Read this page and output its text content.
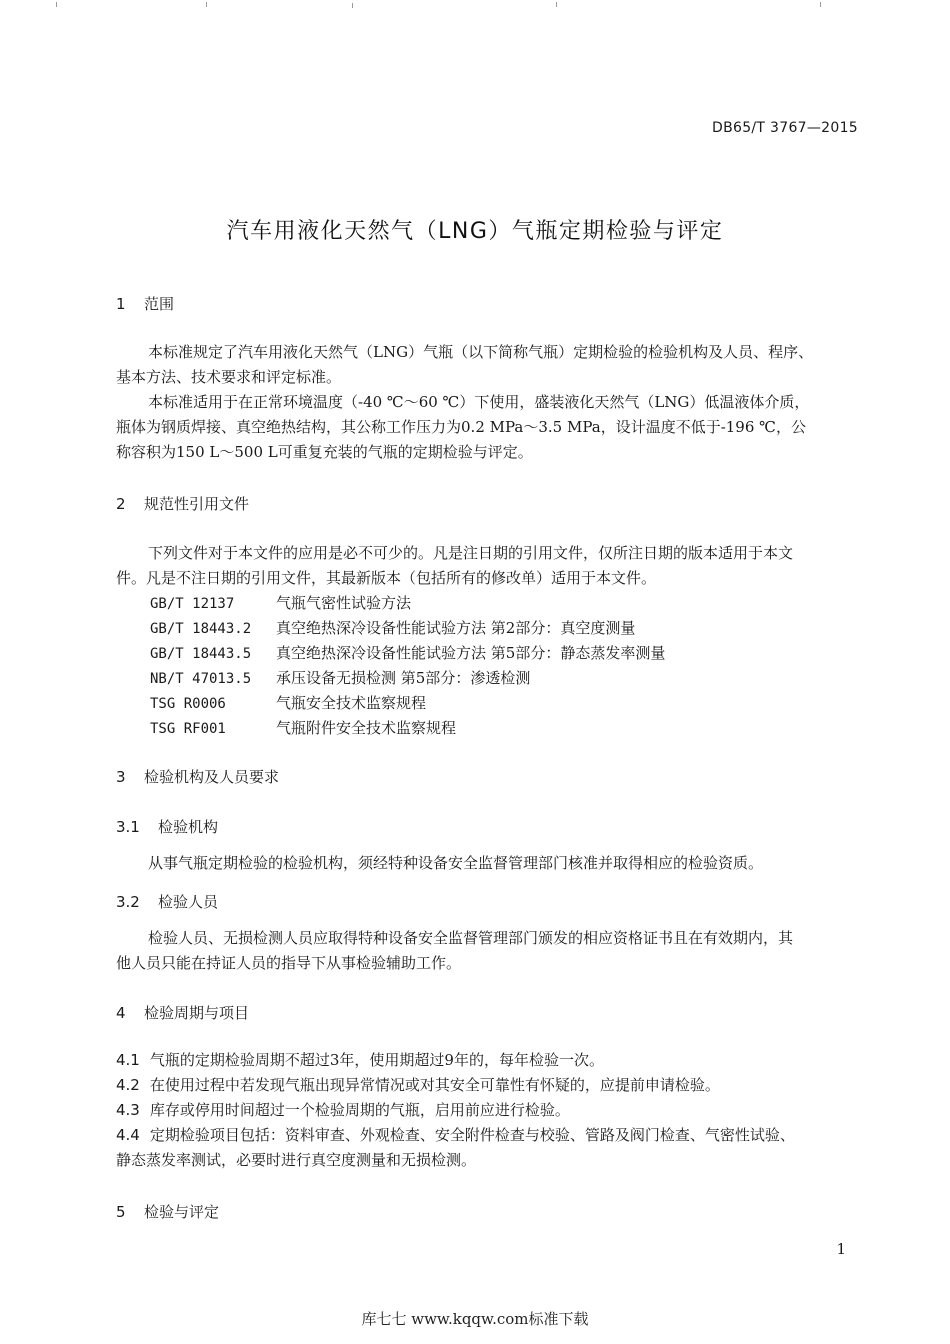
DB65/T 3767—2015
汽车用液化天然气（LNG）气瓶定期检验与评定
1 范围
本标准规定了汽车用液化天然气（LNG）气瓶（以下简称气瓶）定期检验的检验机构及人员、程序、
基本方法、技术要求和评定标准。
本标准适用于在正常环境温度（-40 ℃～60 ℃）下使用，盛装液化天然气（LNG）低温液体介质，
瓶体为钢质焊接、真空绝热结构，其公称工作压力为0.2 MPa～3.5 MPa，设计温度不低于-196 ℃，公
称容积为150 L～500 L可重复充装的气瓶的定期检验与评定。
2 规范性引用文件
下列文件对于本文件的应用是必不可少的。凡是注日期的引用文件，仅所注日期的版本适用于本文
件。凡是不注日期的引用文件，其最新版本（包括所有的修改单）适用于本文件。
GB/T 12137	气瓶气密性试验方法
GB/T 18443.2 真空绝热深冷设备性能试验方法 第2部分：真空度测量
GB/T 18443.5 真空绝热深冷设备性能试验方法 第5部分：静态蒸发率测量
NB/T 47013.5 承压设备无损检测 第5部分：渗透检测
TSG R0006	气瓶安全技术监察规程
TSG RF001	气瓶附件安全技术监察规程
3 检验机构及人员要求
3.1 检验机构
从事气瓶定期检验的检验机构，须经特种设备安全监督管理部门核准并取得相应的检验资质。
3.2 检验人员
检验人员、无损检测人员应取得特种设备安全监督管理部门颁发的相应资格证书且在有效期内，其
他人员只能在持证人员的指导下从事检验辅助工作。
4 检验周期与项目
4.1 气瓶的定期检验周期不超过3年，使用期超过9年的，每年检验一次。
4.2 在使用过程中若发现气瓶出现异常情况或对其安全可靠性有怀疑的，应提前申请检验。
4.3 库存或停用时间超过一个检验周期的气瓶，启用前应进行检验。
4.4 定期检验项目包括：资料审查、外观检查、安全附件检查与校验、管路及阀门检查、气密性试验、
静态蒸发率测试，必要时进行真空度测量和无损检测。
5 检验与评定
1
库七七 www.kqqw.com标准下载
